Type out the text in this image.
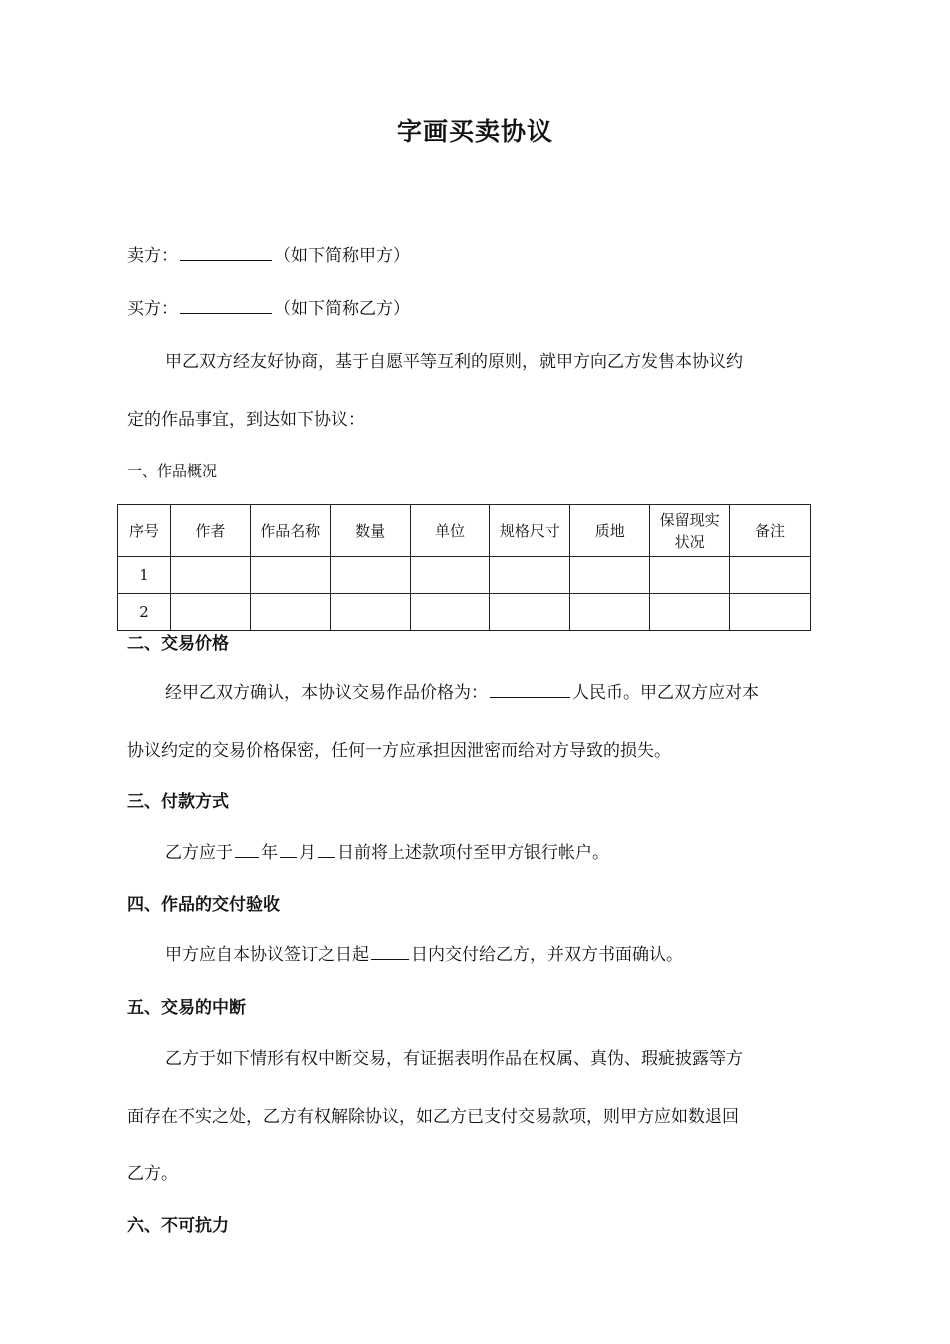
字画买卖协议
卖方：	（如下简称甲方）
买方：	（如下简称乙方）
甲乙双方经友好协商，基于自愿平等互利的原则，就甲方向乙方发售本协议约
定的作品事宜，到达如下协议：
一、作品概况
序号	作者	作品名称	数量	单位	规格尺寸	质地	保留现实状况	备注
1								
2								
二、交易价格
经甲乙双方确认，本协议交易作品价格为：	人民币。甲乙双方应对本
协议约定的交易价格保密，任何一方应承担因泄密而给对方导致的损失。
三、付款方式
乙方应于 年 月 日前将上述款项付至甲方银行帐户。
四、作品的交付验收
甲方应自本协议签订之日起 日内交付给乙方，并双方书面确认。
五、交易的中断
乙方于如下情形有权中断交易，有证据表明作品在权属、真伪、瑕疵披露等方
面存在不实之处，乙方有权解除协议，如乙方已支付交易款项，则甲方应如数退回
乙方。
六、不可抗力
